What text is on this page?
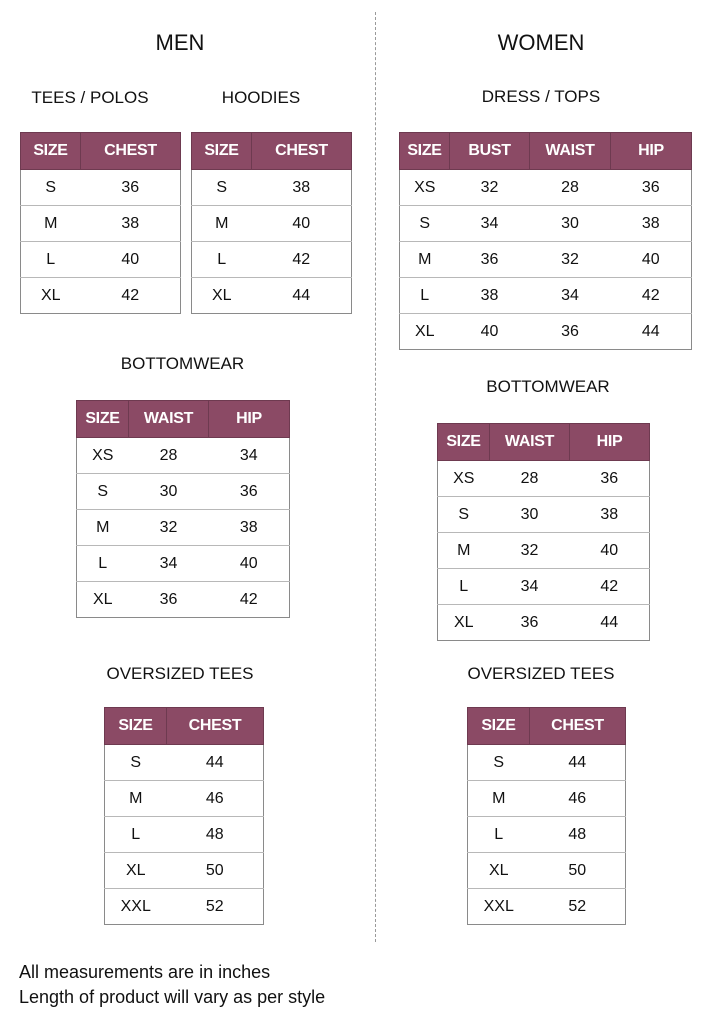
MEN
TEES / POLOS
SIZE	CHEST
S	36
M	38
L	40
XL	42
HOODIES
SIZE	CHEST
S	38
M	40
L	42
XL	44
BOTTOMWEAR
SIZE	WAIST	HIP
XS	28	34
S	30	36
M	32	38
L	34	40
XL	36	42
OVERSIZED TEES
SIZE	CHEST
S	44
M	46
L	48
XL	50
XXL	52
WOMEN
DRESS / TOPS
SIZE	BUST	WAIST	HIP
XS	32	28	36
S	34	30	38
M	36	32	40
L	38	34	42
XL	40	36	44
BOTTOMWEAR
SIZE	WAIST	HIP
XS	28	36
S	30	38
M	32	40
L	34	42
XL	36	44
OVERSIZED TEES
SIZE	CHEST
S	44
M	46
L	48
XL	50
XXL	52
All measurements are in inches
Length of product will vary as per style
